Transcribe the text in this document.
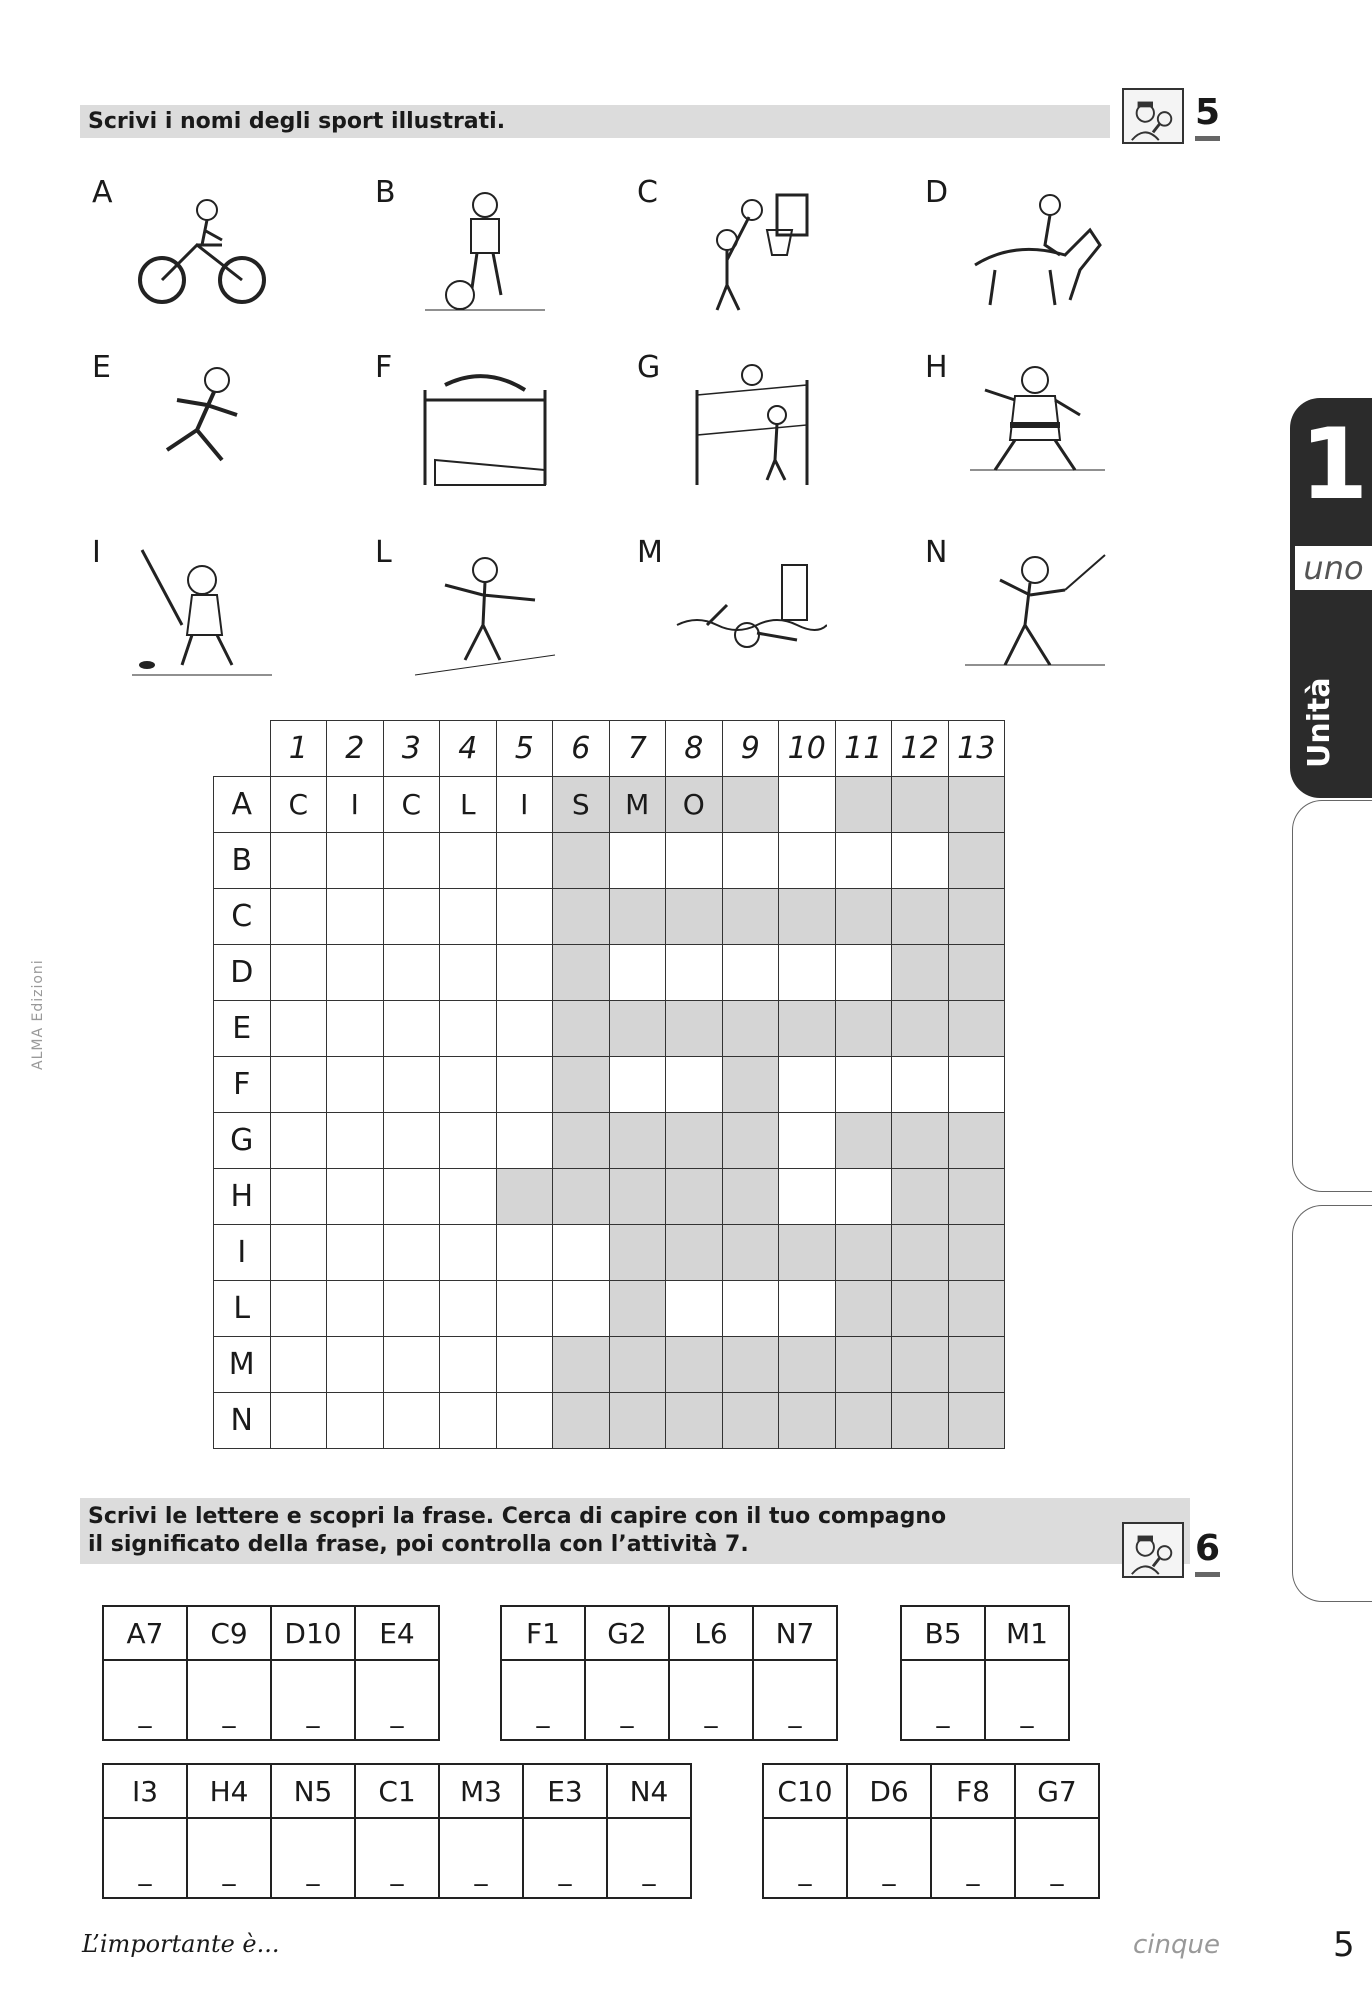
Scrivi i nomi degli sport illustrati.	5
A	B	C	D
E	F	G	H
I	L	M	N
	1	2	3	4	5	6	7	8	9	10	11	12	13
A	C	I	C	L	I	S	M	O					
B													
C													
D													
E													
F													
G													
H													
I													
L													
M													
N													
Scrivi le lettere e scopri la frase. Cerca di capire con il tuo compagno
il significato della frase, poi controlla con l’attività 7.	6
A7	C9	D10	E4
_	_	_	_
F1	G2	L6	N7
_	_	_	_
B5	M1
_	_
I3	H4	N5	C1	M3	E3	N4
_	_	_	_	_	_	_
C10	D6	F8	G7
_	_	_	_
1
uno
Unità
ALMA Edizioni
L’importante è...	cinque	5
